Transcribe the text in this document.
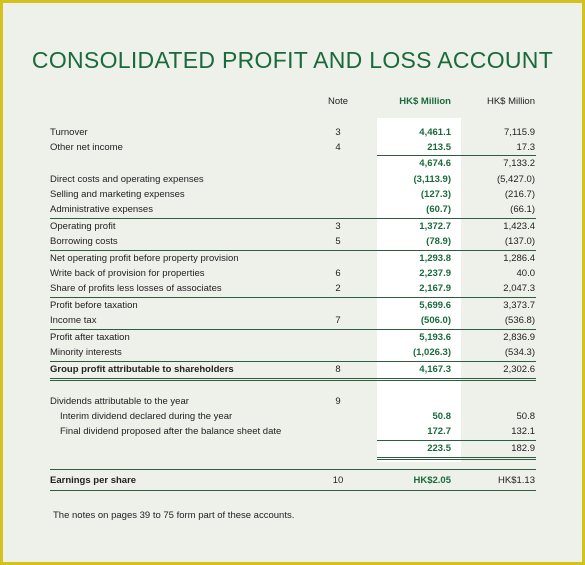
CONSOLIDATED PROFIT AND LOSS ACCOUNT
Note	HK$ Million	HK$ Million
Turnover	3	4,461.1	7,115.9
Other net income	4	213.5	17.3
4,674.6	7,133.2
Direct costs and operating expenses	(3,113.9)	(5,427.0)
Selling and marketing expenses	(127.3)	(216.7)
Administrative expenses	(60.7)	(66.1)
Operating profit	3	1,372.7	1,423.4
Borrowing costs	5	(78.9)	(137.0)
Net operating profit before property provision	1,293.8	1,286.4
Write back of provision for properties	6	2,237.9	40.0
Share of profits less losses of associates	2	2,167.9	2,047.3
Profit before taxation	5,699.6	3,373.7
Income tax	7	(506.0)	(536.8)
Profit after taxation	5,193.6	2,836.9
Minority interests	(1,026.3)	(534.3)
Group profit attributable to shareholders	8	4,167.3	2,302.6
Dividends attributable to the year	9
Interim dividend declared during the year	50.8	50.8
Final dividend proposed after the balance sheet date	172.7	132.1
223.5	182.9
Earnings per share	10	HK$2.05	HK$1.13
The notes on pages 39 to 75 form part of these accounts.
